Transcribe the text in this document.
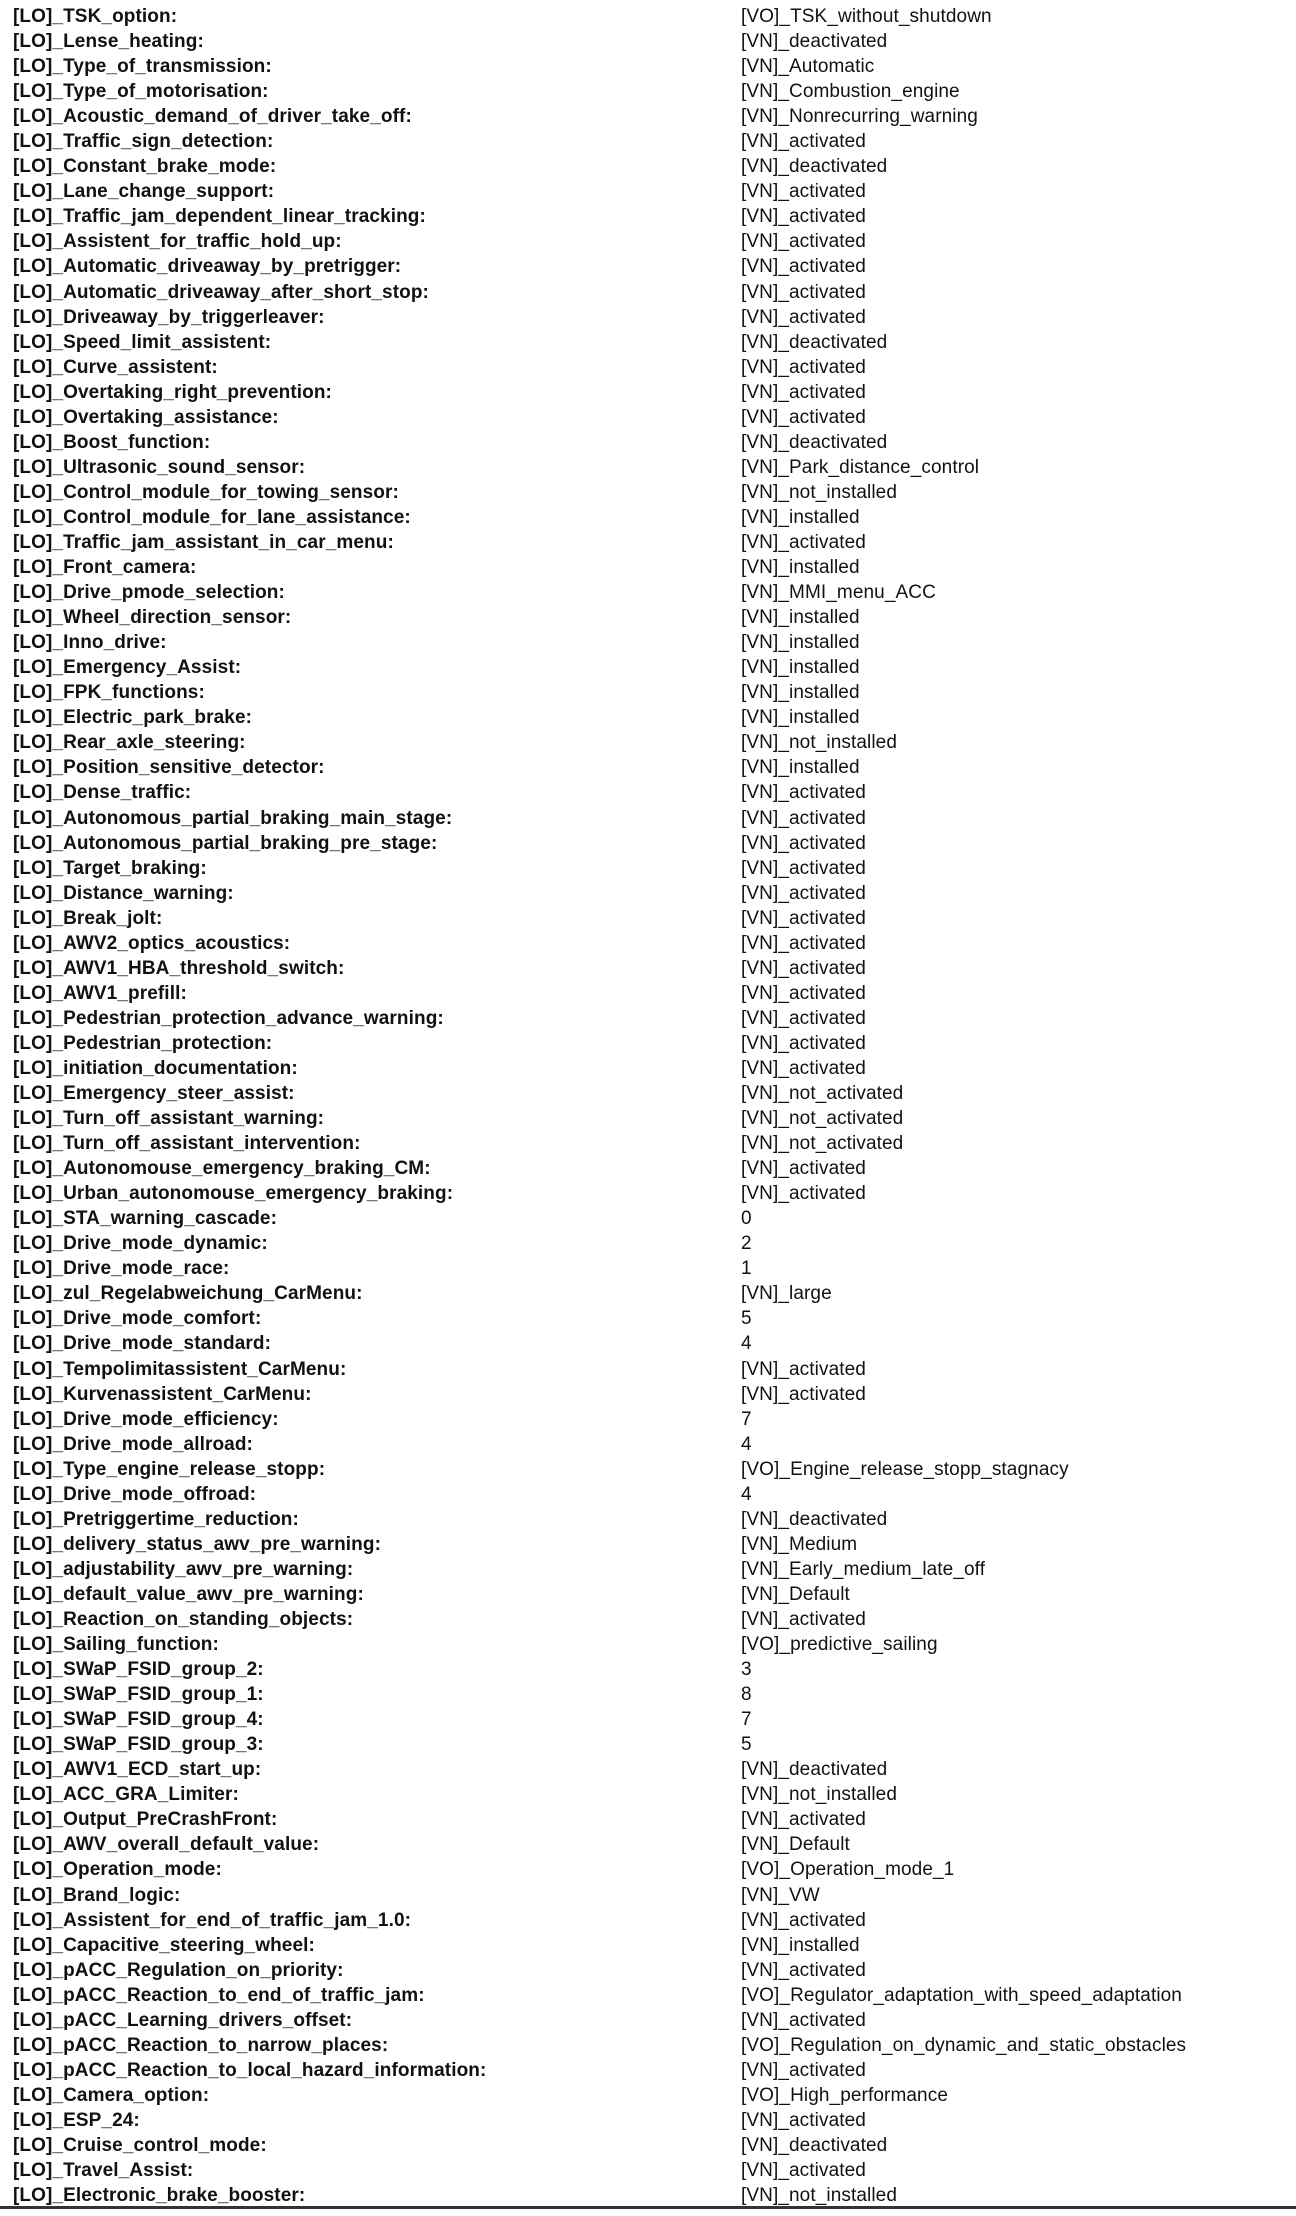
[LO]_TSK_option:	[VO]_TSK_without_shutdown
[LO]_Lense_heating:	[VN]_deactivated
[LO]_Type_of_transmission:	[VN]_Automatic
[LO]_Type_of_motorisation:	[VN]_Combustion_engine
[LO]_Acoustic_demand_of_driver_take_off:	[VN]_Nonrecurring_warning
[LO]_Traffic_sign_detection:	[VN]_activated
[LO]_Constant_brake_mode:	[VN]_deactivated
[LO]_Lane_change_support:	[VN]_activated
[LO]_Traffic_jam_dependent_linear_tracking:	[VN]_activated
[LO]_Assistent_for_traffic_hold_up:	[VN]_activated
[LO]_Automatic_driveaway_by_pretrigger:	[VN]_activated
[LO]_Automatic_driveaway_after_short_stop:	[VN]_activated
[LO]_Driveaway_by_triggerleaver:	[VN]_activated
[LO]_Speed_limit_assistent:	[VN]_deactivated
[LO]_Curve_assistent:	[VN]_activated
[LO]_Overtaking_right_prevention:	[VN]_activated
[LO]_Overtaking_assistance:	[VN]_activated
[LO]_Boost_function:	[VN]_deactivated
[LO]_Ultrasonic_sound_sensor:	[VN]_Park_distance_control
[LO]_Control_module_for_towing_sensor:	[VN]_not_installed
[LO]_Control_module_for_lane_assistance:	[VN]_installed
[LO]_Traffic_jam_assistant_in_car_menu:	[VN]_activated
[LO]_Front_camera:	[VN]_installed
[LO]_Drive_pmode_selection:	[VN]_MMI_menu_ACC
[LO]_Wheel_direction_sensor:	[VN]_installed
[LO]_Inno_drive:	[VN]_installed
[LO]_Emergency_Assist:	[VN]_installed
[LO]_FPK_functions:	[VN]_installed
[LO]_Electric_park_brake:	[VN]_installed
[LO]_Rear_axle_steering:	[VN]_not_installed
[LO]_Position_sensitive_detector:	[VN]_installed
[LO]_Dense_traffic:	[VN]_activated
[LO]_Autonomous_partial_braking_main_stage:	[VN]_activated
[LO]_Autonomous_partial_braking_pre_stage:	[VN]_activated
[LO]_Target_braking:	[VN]_activated
[LO]_Distance_warning:	[VN]_activated
[LO]_Break_jolt:	[VN]_activated
[LO]_AWV2_optics_acoustics:	[VN]_activated
[LO]_AWV1_HBA_threshold_switch:	[VN]_activated
[LO]_AWV1_prefill:	[VN]_activated
[LO]_Pedestrian_protection_advance_warning:	[VN]_activated
[LO]_Pedestrian_protection:	[VN]_activated
[LO]_initiation_documentation:	[VN]_activated
[LO]_Emergency_steer_assist:	[VN]_not_activated
[LO]_Turn_off_assistant_warning:	[VN]_not_activated
[LO]_Turn_off_assistant_intervention:	[VN]_not_activated
[LO]_Autonomouse_emergency_braking_CM:	[VN]_activated
[LO]_Urban_autonomouse_emergency_braking:	[VN]_activated
[LO]_STA_warning_cascade:	0
[LO]_Drive_mode_dynamic:	2
[LO]_Drive_mode_race:	1
[LO]_zul_Regelabweichung_CarMenu:	[VN]_large
[LO]_Drive_mode_comfort:	5
[LO]_Drive_mode_standard:	4
[LO]_Tempolimitassistent_CarMenu:	[VN]_activated
[LO]_Kurvenassistent_CarMenu:	[VN]_activated
[LO]_Drive_mode_efficiency:	7
[LO]_Drive_mode_allroad:	4
[LO]_Type_engine_release_stopp:	[VO]_Engine_release_stopp_stagnacy
[LO]_Drive_mode_offroad:	4
[LO]_Pretriggertime_reduction:	[VN]_deactivated
[LO]_delivery_status_awv_pre_warning:	[VN]_Medium
[LO]_adjustability_awv_pre_warning:	[VN]_Early_medium_late_off
[LO]_default_value_awv_pre_warning:	[VN]_Default
[LO]_Reaction_on_standing_objects:	[VN]_activated
[LO]_Sailing_function:	[VO]_predictive_sailing
[LO]_SWaP_FSID_group_2:	3
[LO]_SWaP_FSID_group_1:	8
[LO]_SWaP_FSID_group_4:	7
[LO]_SWaP_FSID_group_3:	5
[LO]_AWV1_ECD_start_up:	[VN]_deactivated
[LO]_ACC_GRA_Limiter:	[VN]_not_installed
[LO]_Output_PreCrashFront:	[VN]_activated
[LO]_AWV_overall_default_value:	[VN]_Default
[LO]_Operation_mode:	[VO]_Operation_mode_1
[LO]_Brand_logic:	[VN]_VW
[LO]_Assistent_for_end_of_traffic_jam_1.0:	[VN]_activated
[LO]_Capacitive_steering_wheel:	[VN]_installed
[LO]_pACC_Regulation_on_priority:	[VN]_activated
[LO]_pACC_Reaction_to_end_of_traffic_jam:	[VO]_Regulator_adaptation_with_speed_adaptation
[LO]_pACC_Learning_drivers_offset:	[VN]_activated
[LO]_pACC_Reaction_to_narrow_places:	[VO]_Regulation_on_dynamic_and_static_obstacles
[LO]_pACC_Reaction_to_local_hazard_information:	[VN]_activated
[LO]_Camera_option:	[VO]_High_performance
[LO]_ESP_24:	[VN]_activated
[LO]_Cruise_control_mode:	[VN]_deactivated
[LO]_Travel_Assist:	[VN]_activated
[LO]_Electronic_brake_booster:	[VN]_not_installed
